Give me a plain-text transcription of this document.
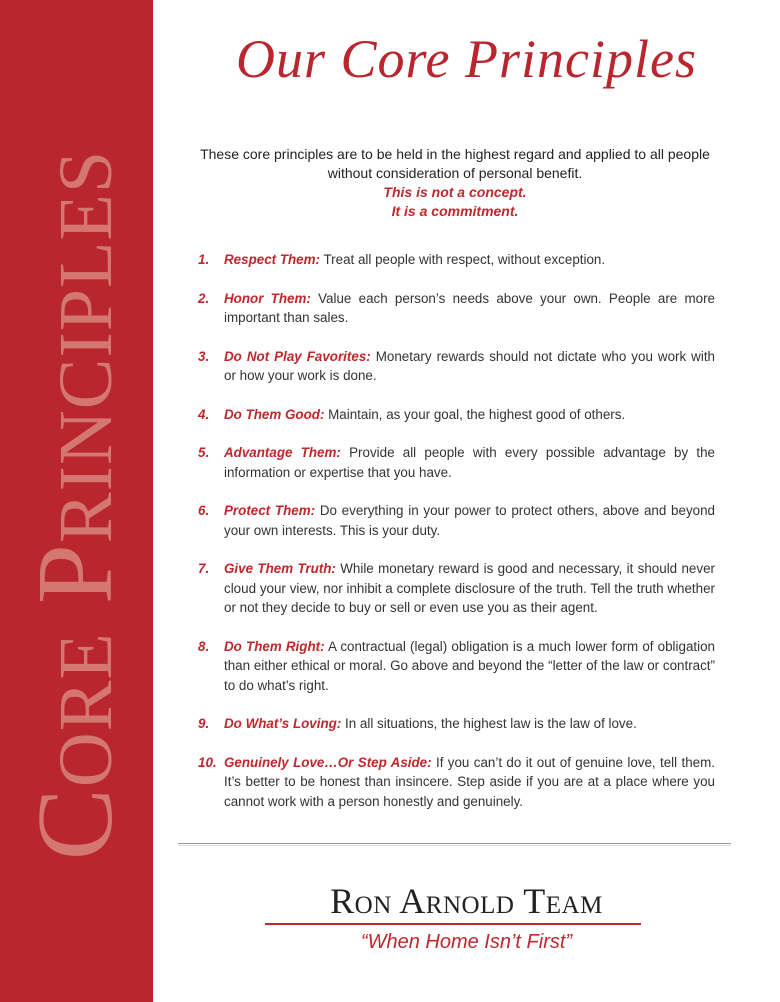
Core Principles
Our Core Principles
These core principles are to be held in the highest regard and applied to all people without consideration of personal benefit.
This is not a concept.
It is a commitment.
1. Respect Them: Treat all people with respect, without exception.
2. Honor Them: Value each person’s needs above your own. People are more important than sales.
3. Do Not Play Favorites: Monetary rewards should not dictate who you work with or how your work is done.
4. Do Them Good: Maintain, as your goal, the highest good of others.
5. Advantage Them: Provide all people with every possible advantage by the information or expertise that you have.
6. Protect Them: Do everything in your power to protect others, above and beyond your own interests. This is your duty.
7. Give Them Truth: While monetary reward is good and necessary, it should never cloud your view, nor inhibit a complete disclosure of the truth. Tell the truth whether or not they decide to buy or sell or even use you as their agent.
8. Do Them Right: A contractual (legal) obligation is a much lower form of obligation than either ethical or moral. Go above and beyond the “letter of the law or contract” to do what’s right.
9. Do What’s Loving: In all situations, the highest law is the law of love.
10. Genuinely Love…Or Step Aside: If you can’t do it out of genuine love, tell them. It’s better to be honest than insincere. Step aside if you are at a place where you cannot work with a person honestly and genuinely.
Ron Arnold Team
“When Home Isn’t First”
